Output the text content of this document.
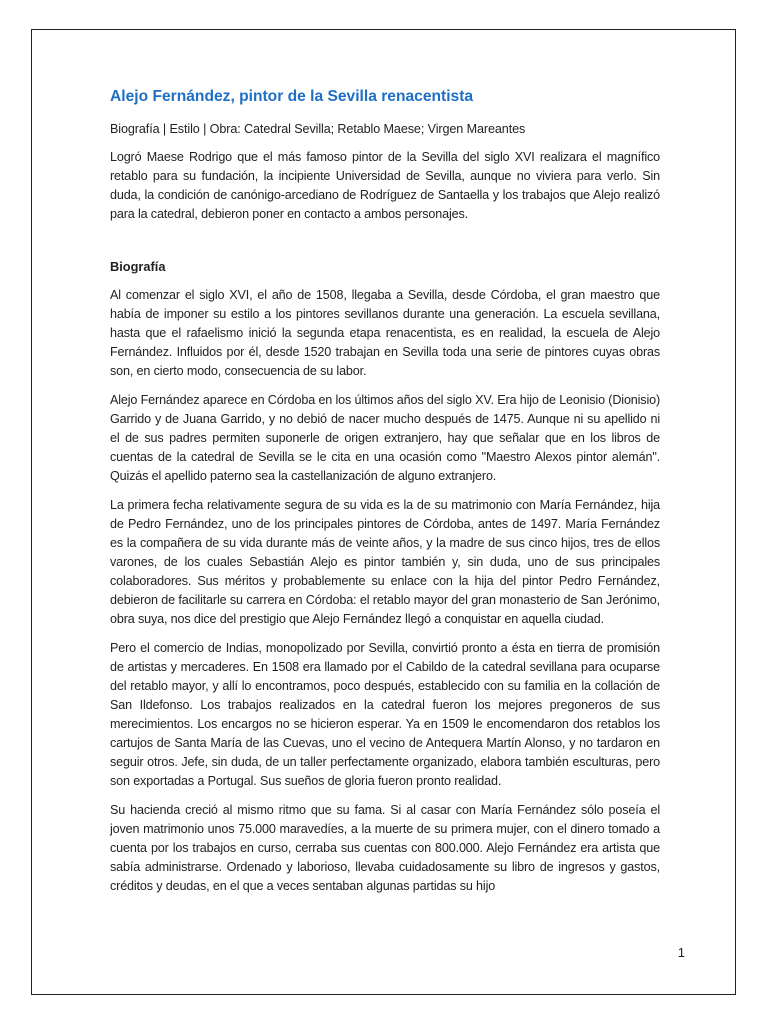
Alejo Fernández, pintor de la Sevilla renacentista

Biografía | Estilo | Obra: Catedral Sevilla; Retablo Maese; Virgen Mareantes

Logró Maese Rodrigo que el más famoso pintor de la Sevilla del siglo XVI realizara el magnífico retablo para su fundación, la incipiente Universidad de Sevilla, aunque no viviera para verlo. Sin duda, la condición de canónigo-arcediano de Rodríguez de Santaella y los trabajos que Alejo realizó para la catedral, debieron poner en contacto a ambos personajes.

Biografía

Al comenzar el siglo XVI, el año de 1508, llegaba a Sevilla, desde Córdoba, el gran maestro que había de imponer su estilo a los pintores sevillanos durante una generación. La escuela sevillana, hasta que el rafaelismo inició la segunda etapa renacentista, es en realidad, la escuela de Alejo Fernández. Influidos por él, desde 1520 trabajan en Sevilla toda una serie de pintores cuyas obras son, en cierto modo, consecuencia de su labor.

Alejo Fernández aparece en Córdoba en los últimos años del siglo XV. Era hijo de Leonisio (Dionisio) Garrido y de Juana Garrido, y no debió de nacer mucho después de 1475. Aunque ni su apellido ni el de sus padres permiten suponerle de origen extranjero, hay que señalar que en los libros de cuentas de la catedral de Sevilla se le cita en una ocasión como "Maestro Alexos pintor alemán". Quizás el apellido paterno sea la castellanización de alguno extranjero.

La primera fecha relativamente segura de su vida es la de su matrimonio con María Fernández, hija de Pedro Fernández, uno de los principales pintores de Córdoba, antes de 1497. María Fernández es la compañera de su vida durante más de veinte años, y la madre de sus cinco hijos, tres de ellos varones, de los cuales Sebastián Alejo es pintor también y, sin duda, uno de sus principales colaboradores. Sus méritos y probablemente su enlace con la hija del pintor Pedro Fernández, debieron de facilitarle su carrera en Córdoba: el retablo mayor del gran monasterio de San Jerónimo, obra suya, nos dice del prestigio que Alejo Fernández llegó a conquistar en aquella ciudad.

Pero el comercio de Indias, monopolizado por Sevilla, convirtió pronto a ésta en tierra de promisión de artistas y mercaderes. En 1508 era llamado por el Cabildo de la catedral sevillana para ocuparse del retablo mayor, y allí lo encontramos, poco después, establecido con su familia en la collación de San Ildefonso. Los trabajos realizados en la catedral fueron los mejores pregoneros de sus merecimientos. Los encargos no se hicieron esperar. Ya en 1509 le encomendaron dos retablos los cartujos de Santa María de las Cuevas, uno el vecino de Antequera Martín Alonso, y no tardaron en seguir otros. Jefe, sin duda, de un taller perfectamente organizado, elabora también esculturas, pero son exportadas a Portugal. Sus sueños de gloria fueron pronto realidad.

Su hacienda creció al mismo ritmo que su fama. Si al casar con María Fernández sólo poseía el joven matrimonio unos 75.000 maravedíes, a la muerte de su primera mujer, con el dinero tomado a cuenta por los trabajos en curso, cerraba sus cuentas con 800.000. Alejo Fernández era artista que sabía administrarse. Ordenado y laborioso, llevaba cuidadosamente su libro de ingresos y gastos, créditos y deudas, en el que a veces sentaban algunas partidas su hijo

1
